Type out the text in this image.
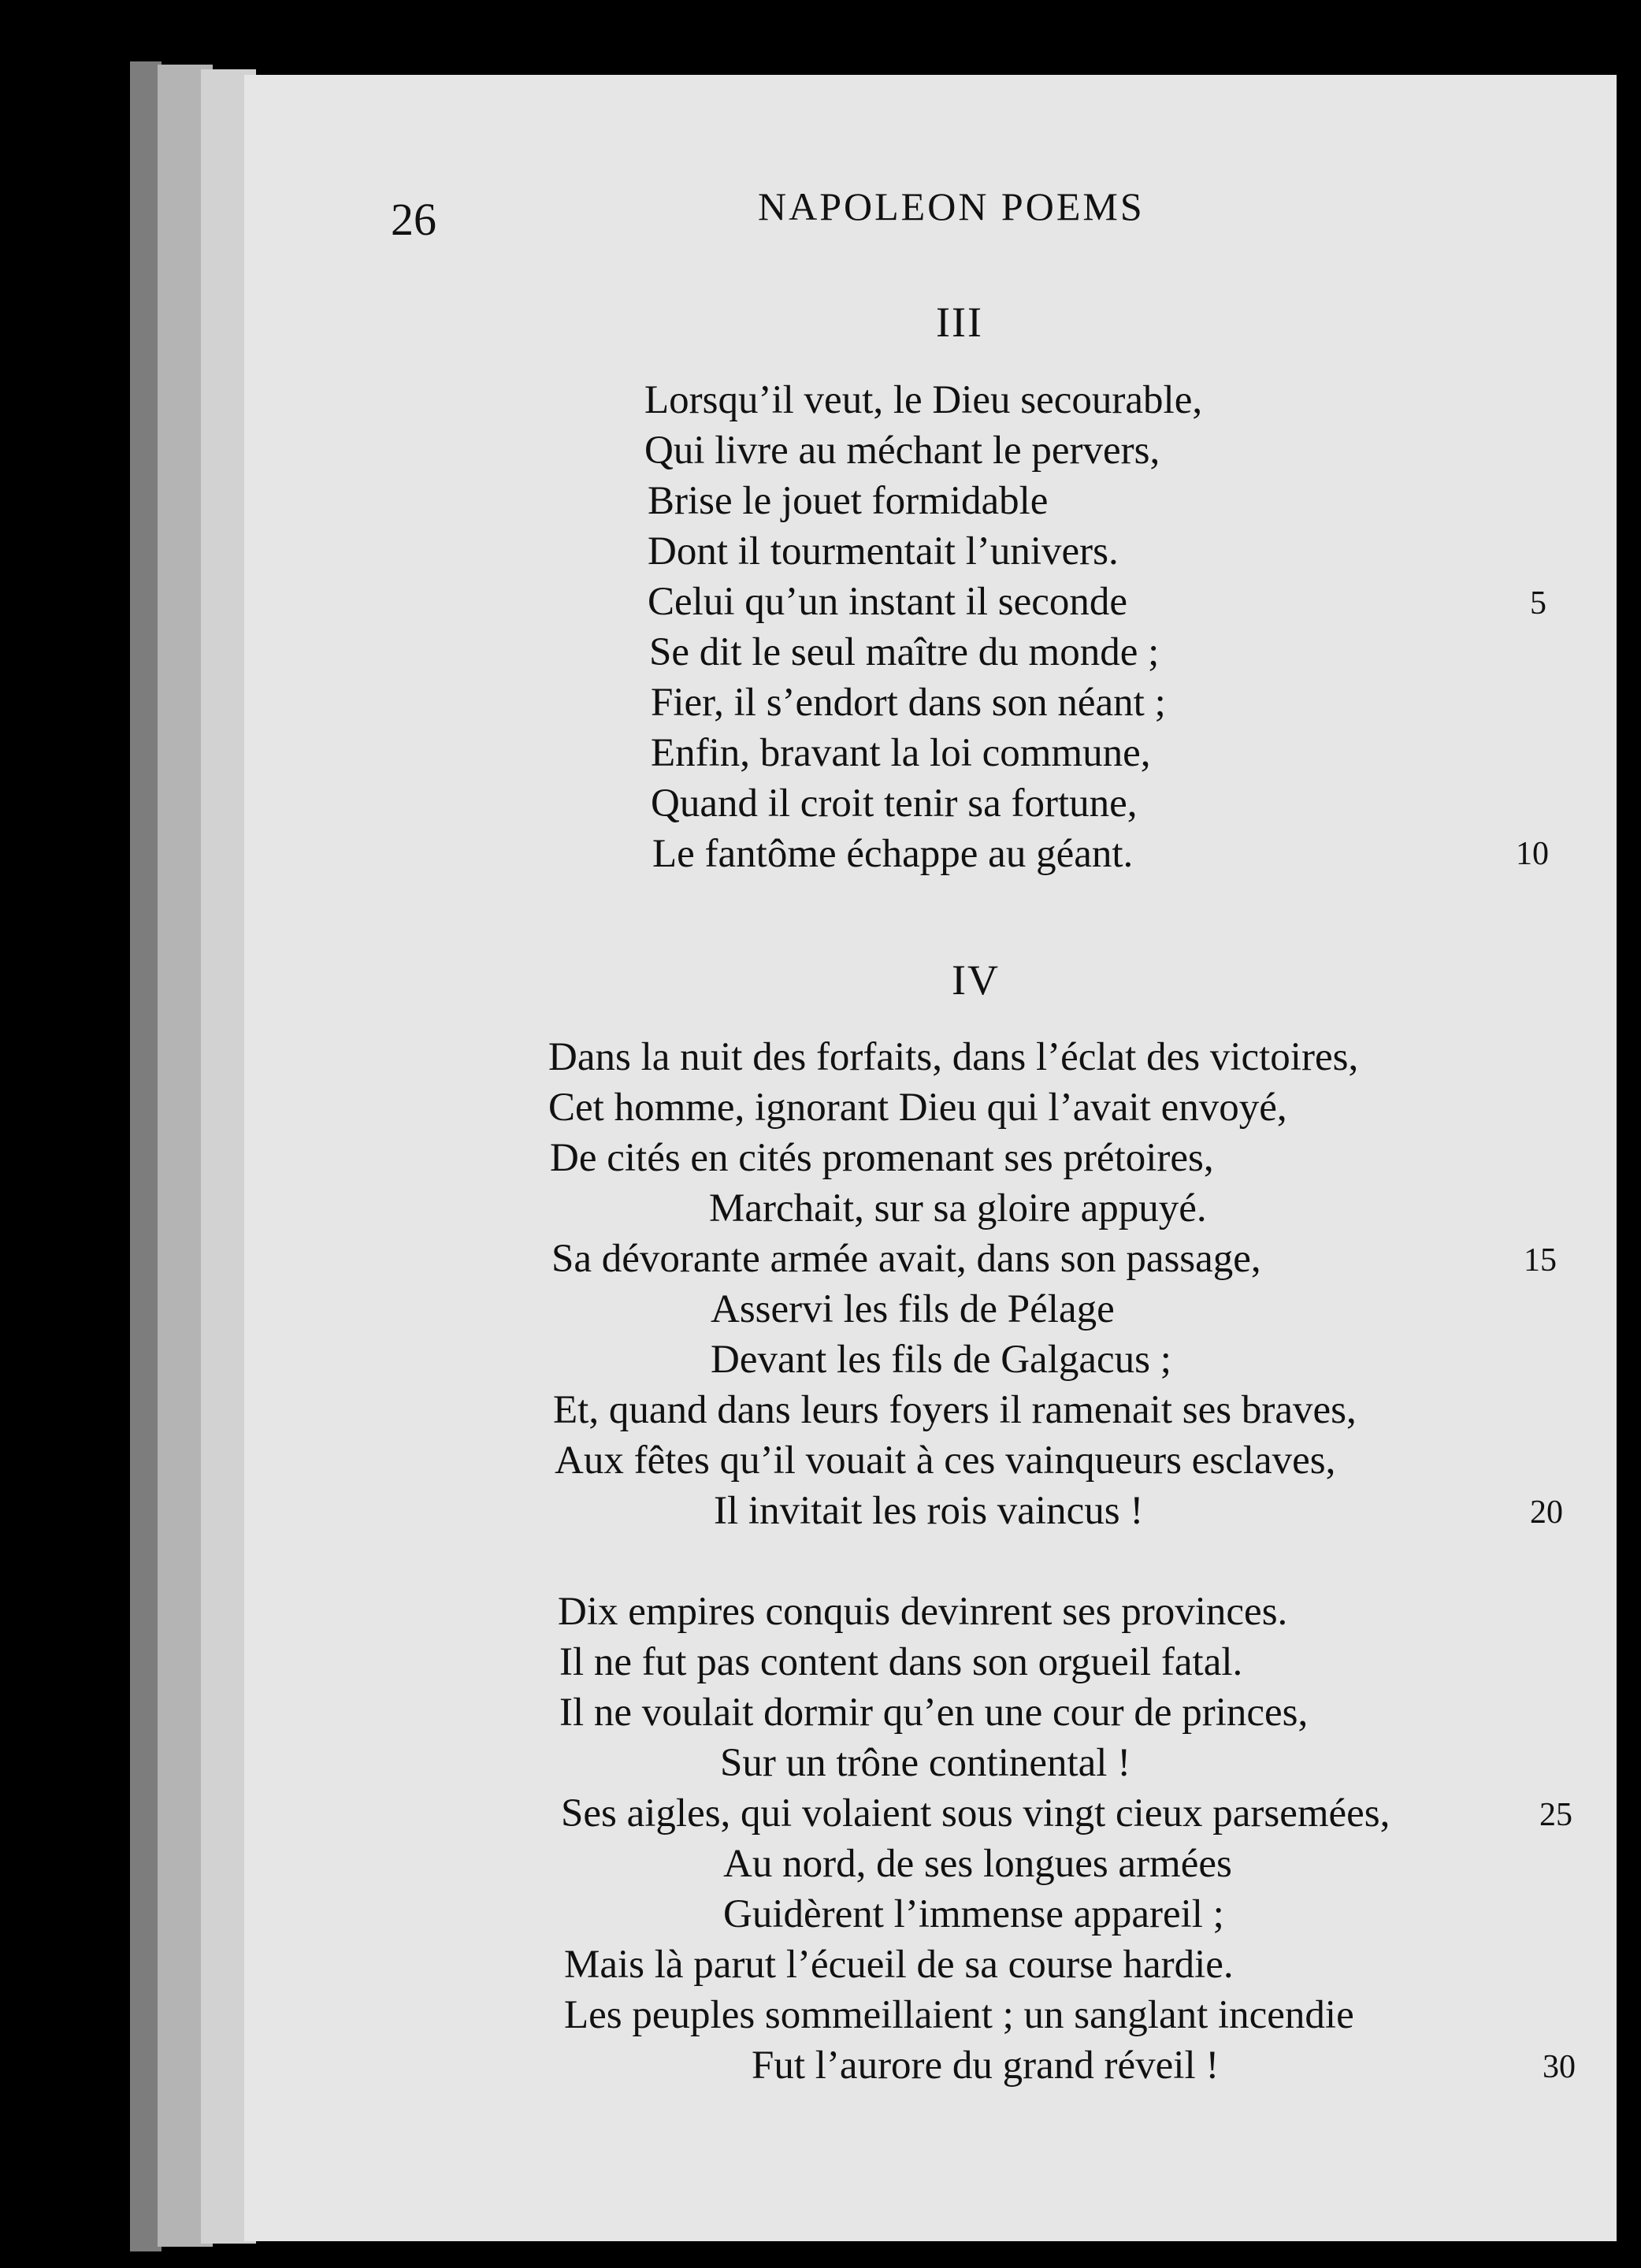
26	NAPOLEON POEMS
III
Lorsqu’il veut, le Dieu secourable,
Qui livre au méchant le pervers,
Brise le jouet formidable
Dont il tourmentait l’univers.
Celui qu’un instant il seconde
Se dit le seul maître du monde ;
Fier, il s’endort dans son néant ;
Enfin, bravant la loi commune,
Quand il croit tenir sa fortune,
Le fantôme échappe au géant.
IV
Dans la nuit des forfaits, dans l’éclat des victoires,
Cet homme, ignorant Dieu qui l’avait envoyé,
De cités en cités promenant ses prétoires,
Marchait, sur sa gloire appuyé.
Sa dévorante armée avait, dans son passage,
Asservi les fils de Pélage
Devant les fils de Galgacus ;
Et, quand dans leurs foyers il ramenait ses braves,
Aux fêtes qu’il vouait à ces vainqueurs esclaves,
Il invitait les rois vaincus !
Dix empires conquis devinrent ses provinces.
Il ne fut pas content dans son orgueil fatal.
Il ne voulait dormir qu’en une cour de princes,
Sur un trône continental !
Ses aigles, qui volaient sous vingt cieux parsemées,
Au nord, de ses longues armées
Guidèrent l’immense appareil ;
Mais là parut l’écueil de sa course hardie.
Les peuples sommeillaient ; un sanglant incendie
Fut l’aurore du grand réveil !
5
10
15
20
25
30
